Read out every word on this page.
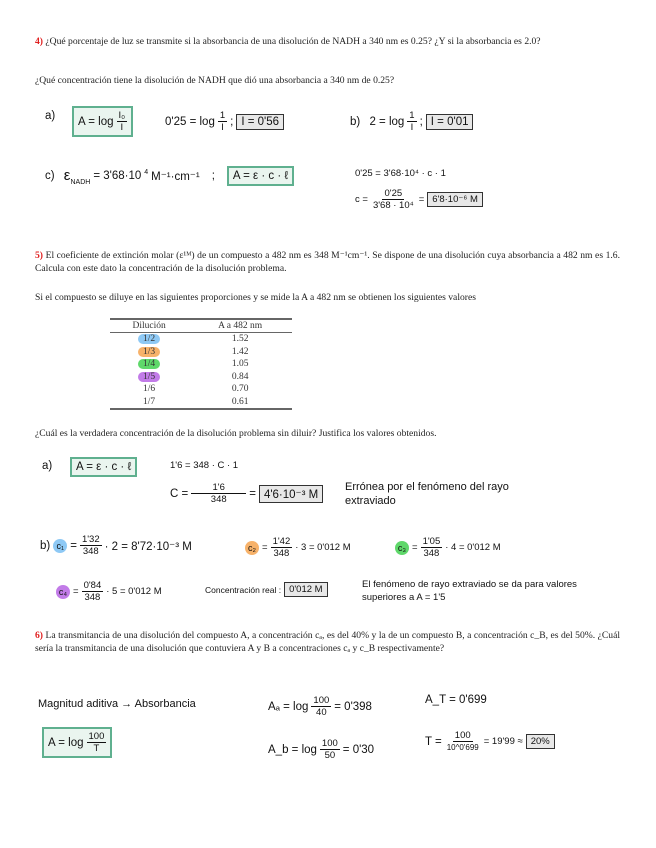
4) ¿Qué porcentaje de luz se transmite si la absorbancia de una disolución de NADH a 340 nm es 0.25? ¿Y si la absorbancia es 2.0?

¿Qué concentración tiene la disolución de NADH que dió una absorbancia a 340 nm de 0.25?

a) $A = \log \frac{\text{I₀}}{I}$	$0'25 = \log \frac{1}{I}$ ; I = 0'56	b)
$2 = \log \frac{1}{I}$ ; I = 0'01
c)
$\varepsilon_{NADH} = 3'68\cdot 10$ $^4$ M⁻¹·cm⁻¹ ;	A = ε · c · ℓ	0'25 = 3'68·10⁴ · c · 1
$c = \frac{0'25}{\text{3'68 · 10⁴}} = 6'8\cdot 10^{-6}$ M

5) El coeficiente de extinción molar (ε¹ᴹ) de un compuesto a 482 nm es 348 M⁻¹cm⁻¹. Se dispone de una disolución cuya absorbancia a 482 nm es 1.6. Calcula con este dato la concentración de la disolución problema.

Si el compuesto se diluye en las siguientes proporciones y se mide la A a 482 nm se obtienen los siguientes valores

Dilución	A a 482 nm
1/2	1.52
1/3	1.42
1/4	1.05
1/5	0.84
1/6	0.70
1/7	0.61

¿Cuál es la verdadera concentración de la disolución problema sin diluir? Justifica los valores obtenidos.

a)	A = ε · c · ℓ	1'6 = 348 · C · 1
$C = \frac{1'6}{348} = 4'6\cdot 10^{-3}$ M
Errónea por el fenómeno del rayo extraviado
b) $c_1 = \frac{1'32}{348} \cdot 2 = 8'72\cdot 10^{-3}$ M	$c_2 = \frac{1'42}{348} \cdot 3 = 0'012$ M	$c_3 = \frac{1'05}{348} \cdot 4 = 0'012$ M
$c_4 = \frac{0'84}{348} \cdot 5 = 0'012$ M	Concentración real : 0'012 M	El fenómeno de rayo extraviado se da para valores superiores a A = 1'5

6) La transmitancia de una disolución del compuesto A, a concentración cₐ, es del 40% y la de un compuesto B, a concentración c_B, es del 50%. ¿Cuál sería la transmitancia de una disolución que contuviera A y B a concentraciones cₐ y c_B respectivamente?

Magnitud aditiva → Absorbancia
$A = \log \frac{100}{T}$
$A_a = \log \frac{100}{40} = 0'398$
A_b = $\log \frac{100}{50} = 0'30$
A_T = 0'699
$T = \frac{100}{10\^{}0'699} = 19'99 \approx 20\%$
